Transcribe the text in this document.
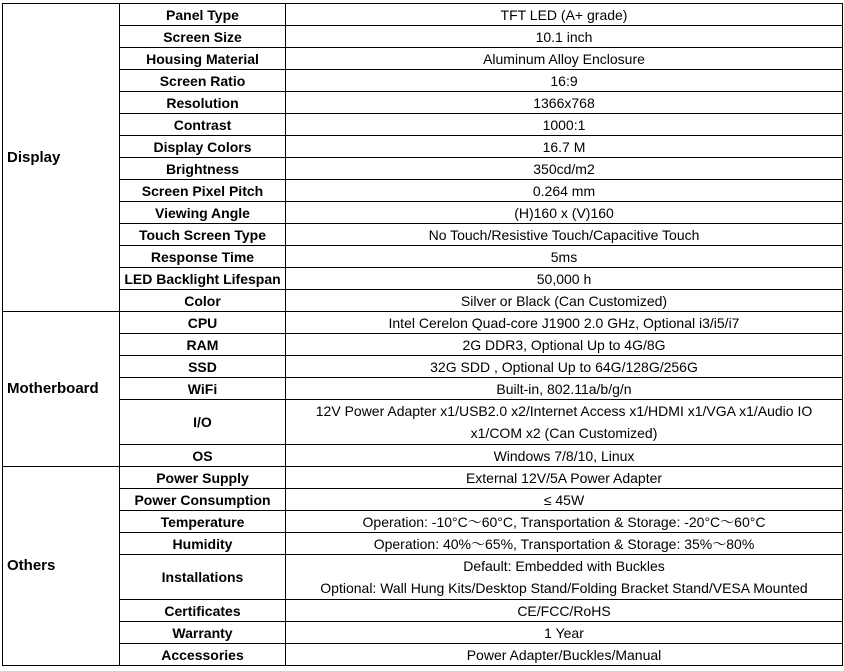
Display	Panel Type	TFT LED (A+ grade)
	Screen Size	10.1 inch
	Housing Material	Aluminum Alloy Enclosure
	Screen Ratio	16:9
	Resolution	1366x768
	Contrast	1000:1
	Display Colors	16.7 M
	Brightness	350cd/m2
	Screen Pixel Pitch	0.264 mm
	Viewing Angle	(H)160 x (V)160
	Touch Screen Type	No Touch/Resistive Touch/Capacitive Touch
	Response Time	5ms
	LED Backlight Lifespan	50,000 h
	Color	Silver or Black (Can Customized)
Motherboard	CPU	Intel Cerelon Quad-core J1900 2.0 GHz, Optional i3/i5/i7
	RAM	2G DDR3, Optional Up to 4G/8G
	SSD	32G SDD , Optional Up to 64G/128G/256G
	WiFi	Built-in, 802.11a/b/g/n
	I/O	12V Power Adapter x1/USB2.0 x2/Internet Access x1/HDMI x1/VGA x1/Audio IO
x1/COM x2 (Can Customized)

	OS	Windows 7/8/10, Linux
Others	Power Supply	External 12V/5A Power Adapter
	Power Consumption	≤ 45W
	Temperature	Operation: -10°C～60°C, Transportation & Storage: -20°C～60°C
	Humidity	Operation: 40%～65%, Transportation & Storage: 35%～80%
	Installations	Default: Embedded with Buckles
Optional: Wall Hung Kits/Desktop Stand/Folding Bracket Stand/VESA Mounted

	Certificates	CE/FCC/RoHS
	Warranty	1 Year
	Accessories	Power Adapter/Buckles/Manual
